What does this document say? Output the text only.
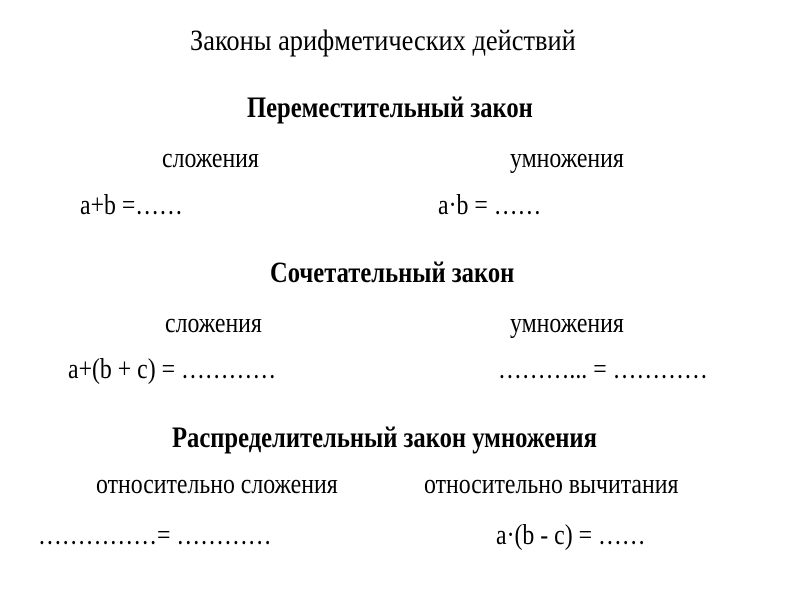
Законы арифметических действий
Переместительный закон
сложения	умножения
a+b =……	a·b = ……
Сочетательный закон
сложения	умножения
a+(b + c) = …………	………... = …………
Распределительный закон умножения
относительно сложения	относительно вычитания
……………= …………	a·(b - c) = ……
